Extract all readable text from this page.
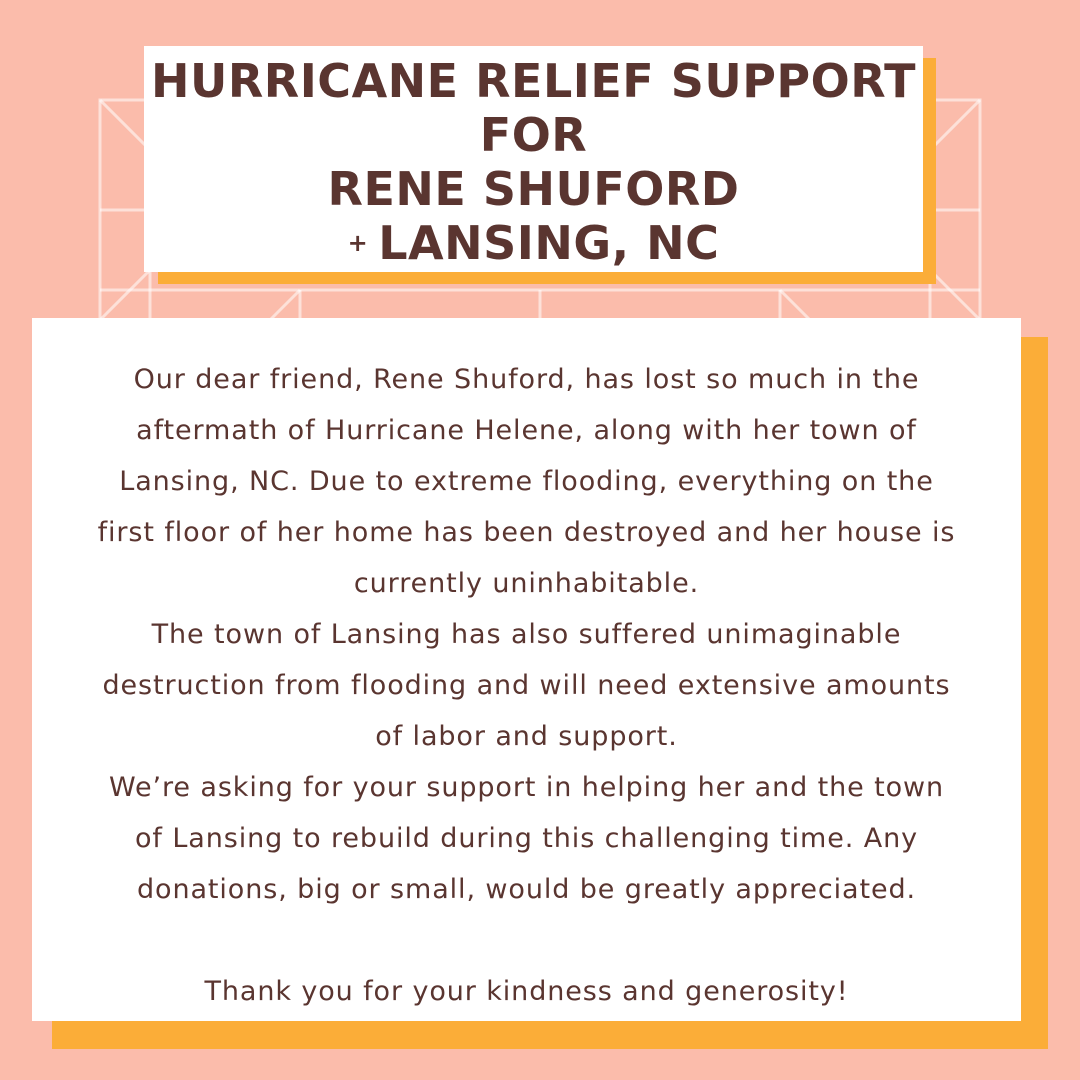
HURRICANE RELIEF SUPPORT
FOR
RENE SHUFORD
+ LANSING, NC

Our dear friend, Rene Shuford, has lost so much in the

aftermath of Hurricane Helene, along with her town of

Lansing, NC. Due to extreme flooding, everything on the

first floor of her home has been destroyed and her house is

currently uninhabitable.

The town of Lansing has also suffered unimaginable

destruction from flooding and will need extensive amounts

of labor and support.

We’re asking for your support in helping her and the town

of Lansing to rebuild during this challenging time. Any

donations, big or small, would be greatly appreciated.

Thank you for your kindness and generosity!
